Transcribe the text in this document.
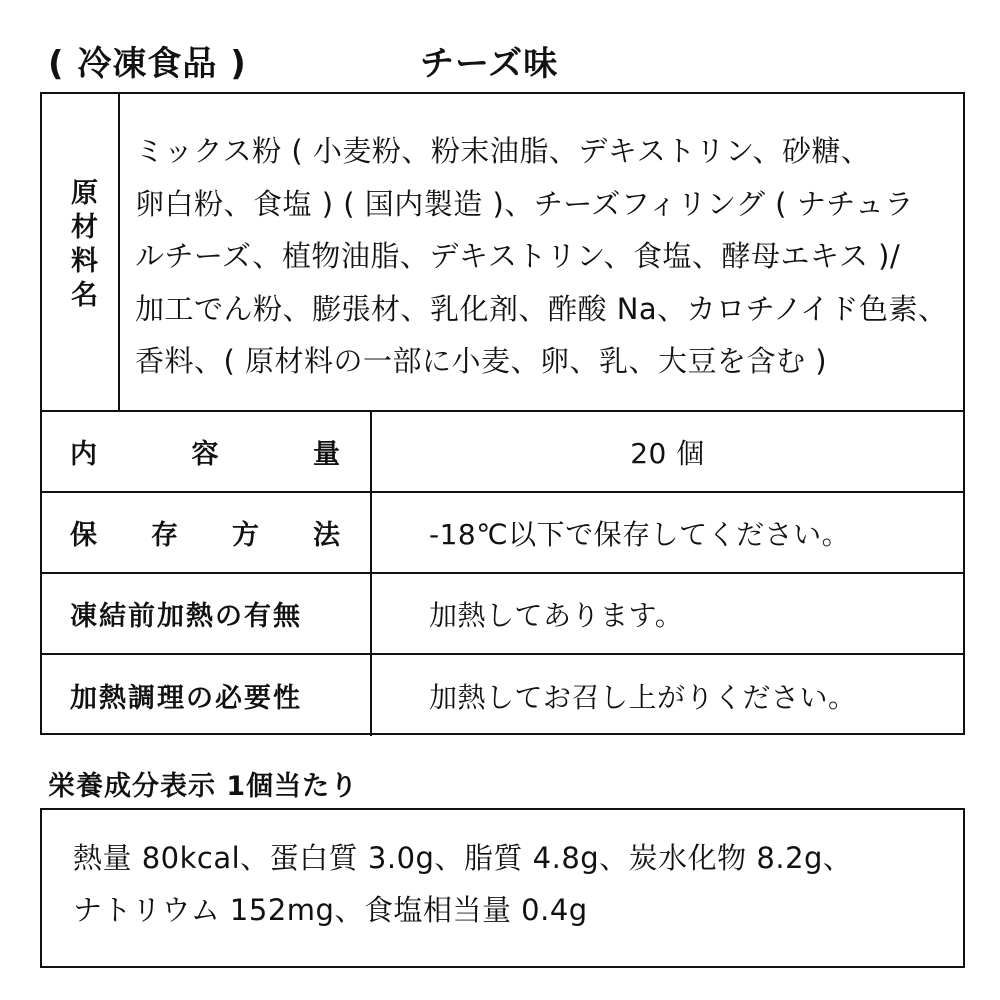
( 冷凍食品 )	チーズ味
原材料名
ミックス粉 ( 小麦粉、粉末油脂、デキストリン、砂糖、
卵白粉、食塩 ) ( 国内製造 )、チーズフィリング ( ナチュラ
ルチーズ、植物油脂、デキストリン、食塩、酵母エキス )/
加工でん粉、膨張材、乳化剤、酢酸 Na、カロチノイド色素、
香料、( 原材料の一部に小麦、卵、乳、大豆を含む )
内	容	量	20 個
保 存 方 法	-18℃以下で保存してください。
凍結前加熱の有無	加熱してあります。
加熱調理の必要性	加熱してお召し上がりください。
栄養成分表示 1個当たり
熱量 80kcal、蛋白質 3.0g、脂質 4.8g、炭水化物 8.2g、
ナトリウム 152mg、食塩相当量 0.4g
